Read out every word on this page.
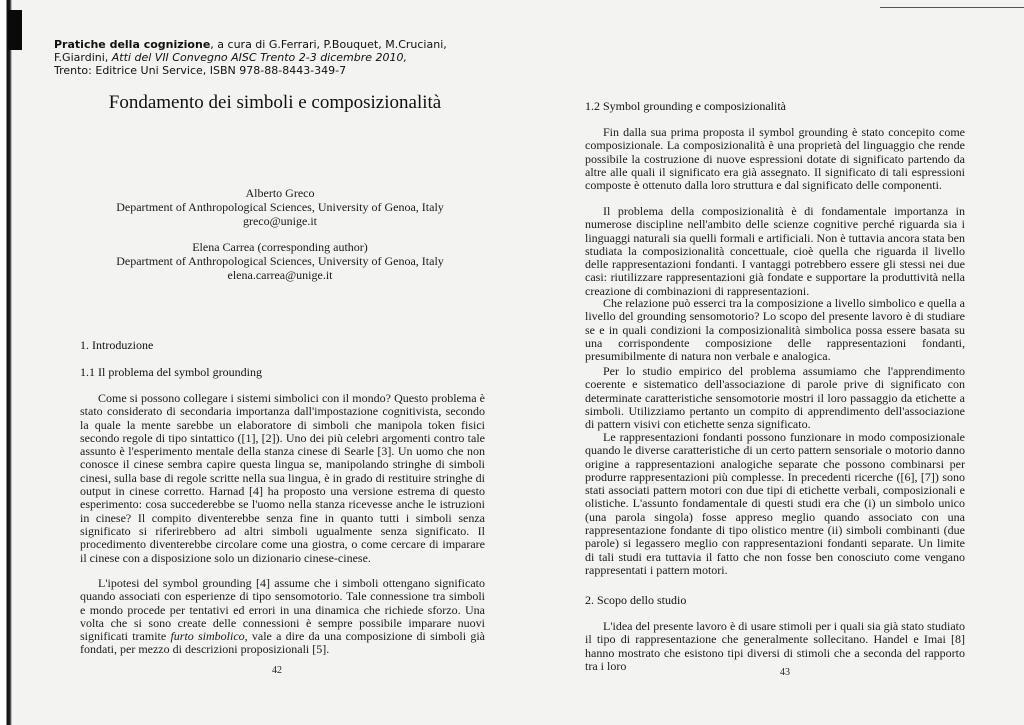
Pratiche della cognizione, a cura di G.Ferrari, P.Bouquet, M.Cruciani,
F.Giardini, Atti del VII Convegno AISC Trento 2-3 dicembre 2010,
Trento: Editrice Uni Service, ISBN 978-88-8443-349-7
Fondamento dei simboli e composizionalità
Alberto Greco
Department of Anthropological Sciences, University of Genoa, Italy
greco@unige.it
Elena Carrea (corresponding author)
Department of Anthropological Sciences, University of Genoa, Italy
elena.carrea@unige.it
1. Introduzione
1.1 Il problema del symbol grounding
Come si possono collegare i sistemi simbolici con il mondo? Questo problema è stato considerato di secondaria importanza dall'impostazione cognitivista, secondo la quale la mente sarebbe un elaboratore di simboli che manipola token fisici secondo regole di tipo sintattico ([1], [2]). Uno dei più celebri argomenti contro tale assunto è l'esperimento mentale della stanza cinese di Searle [3]. Un uomo che non conosce il cinese sembra capire questa lingua se, manipolando stringhe di simboli cinesi, sulla base di regole scritte nella sua lingua, è in grado di restituire stringhe di output in cinese corretto. Harnad [4] ha proposto una versione estrema di questo esperimento: cosa succederebbe se l'uomo nella stanza ricevesse anche le istruzioni in cinese? Il compito diventerebbe senza fine in quanto tutti i simboli senza significato si riferirebbero ad altri simboli ugualmente senza significato. Il procedimento diventerebbe circolare come una giostra, o come cercare di imparare il cinese con a disposizione solo un dizionario cinese-cinese.
L'ipotesi del symbol grounding [4] assume che i simboli ottengano significato quando associati con esperienze di tipo sensomotorio. Tale connessione tra simboli e mondo procede per tentativi ed errori in una dinamica che richiede sforzo. Una volta che si sono create delle connessioni è sempre possibile imparare nuovi significati tramite furto simbolico, vale a dire da una composizione di simboli già fondati, per mezzo di descrizioni proposizionali [5].
42
1.2 Symbol grounding e composizionalità
Fin dalla sua prima proposta il symbol grounding è stato concepito come composizionale. La composizionalità è una proprietà del linguaggio che rende possibile la costruzione di nuove espressioni dotate di significato partendo da altre alle quali il significato era già assegnato. Il significato di tali espressioni composte è ottenuto dalla loro struttura e dal significato delle componenti.
Il problema della composizionalità è di fondamentale importanza in numerose discipline nell'ambito delle scienze cognitive perché riguarda sia i linguaggi naturali sia quelli formali e artificiali. Non è tuttavia ancora stata ben studiata la composizionalità concettuale, cioè quella che riguarda il livello delle rappresentazioni fondanti. I vantaggi potrebbero essere gli stessi nei due casi: riutilizzare rappresentazioni già fondate e supportare la produttività nella creazione di combinazioni di rappresentazioni.
Che relazione può esserci tra la composizione a livello simbolico e quella a livello del grounding sensomotorio? Lo scopo del presente lavoro è di studiare se e in quali condizioni la composizionalità simbolica possa essere basata su una corrispondente composizione delle rappresentazioni fondanti, presumibilmente di natura non verbale e analogica.
Per lo studio empirico del problema assumiamo che l'apprendimento coerente e sistematico dell'associazione di parole prive di significato con determinate caratteristiche sensomotorie mostri il loro passaggio da etichette a simboli. Utilizziamo pertanto un compito di apprendimento dell'associazione di pattern visivi con etichette senza significato.
Le rappresentazioni fondanti possono funzionare in modo composizionale quando le diverse caratteristiche di un certo pattern sensoriale o motorio danno origine a rappresentazioni analogiche separate che possono combinarsi per produrre rappresentazioni più complesse. In precedenti ricerche ([6], [7]) sono stati associati pattern motori con due tipi di etichette verbali, composizionali e olistiche. L'assunto fondamentale di questi studi era che (i) un simbolo unico (una parola singola) fosse appreso meglio quando associato con una rappresentazione fondante di tipo olistico mentre (ii) simboli combinanti (due parole) si legassero meglio con rappresentazioni fondanti separate. Un limite di tali studi era tuttavia il fatto che non fosse ben conosciuto come vengano rappresentati i pattern motori.
2. Scopo dello studio
L'idea del presente lavoro è di usare stimoli per i quali sia già stato studiato il tipo di rappresentazione che generalmente sollecitano. Handel e Imai [8] hanno mostrato che esistono tipi diversi di stimoli che a seconda del rapporto tra i loro	43
